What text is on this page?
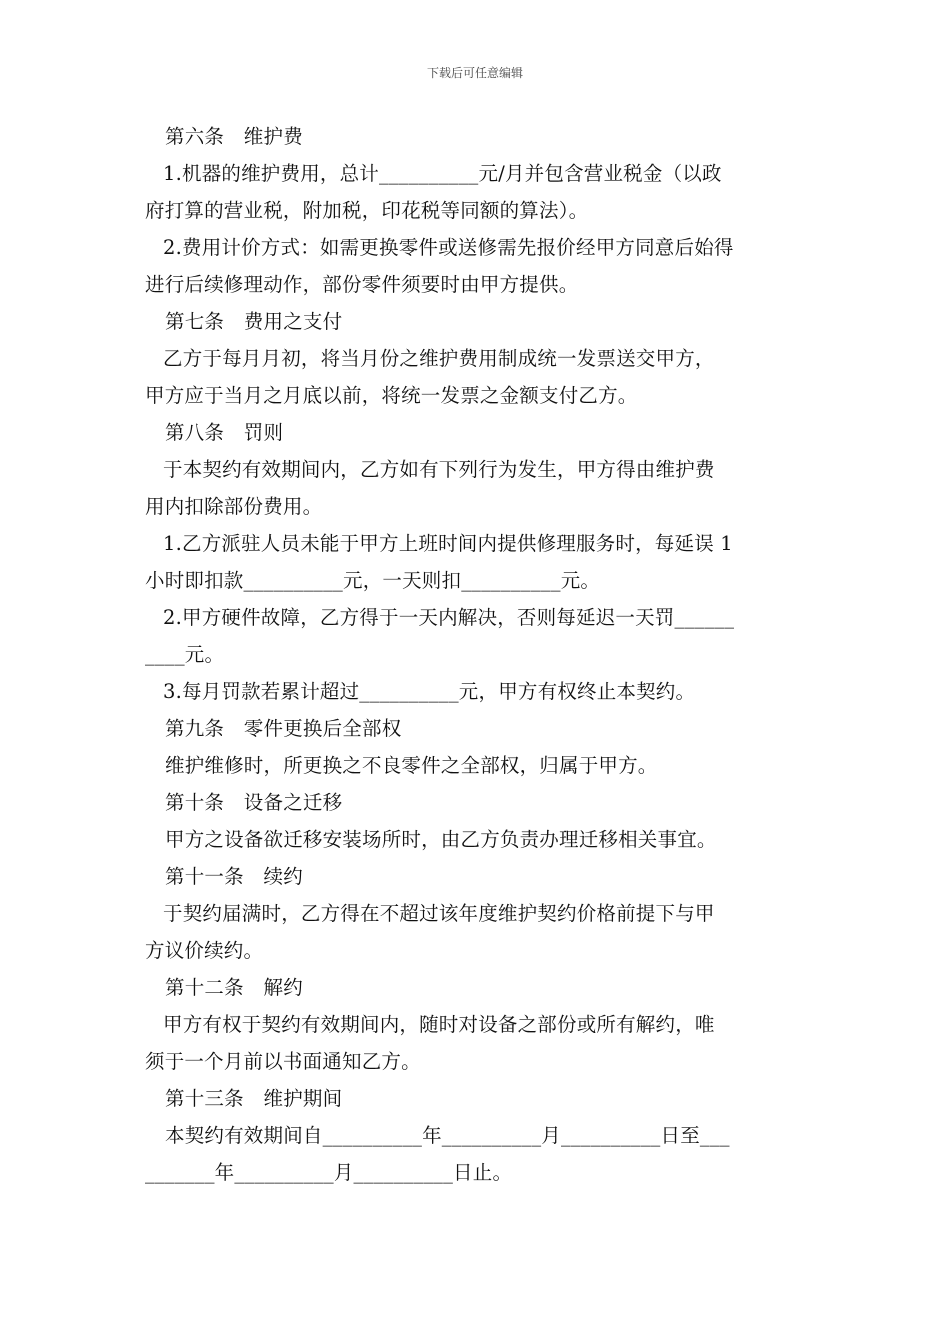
下载后可任意编辑
第六条　维护费
1.机器的维护费用，总计__________元/月并包含营业税金（以政
府打算的营业税，附加税，印花税等同额的算法）。
2.费用计价方式：如需更换零件或送修需先报价经甲方同意后始得
进行后续修理动作，部份零件须要时由甲方提供。
第七条　费用之支付
乙方于每月月初，将当月份之维护费用制成统一发票送交甲方，
甲方应于当月之月底以前，将统一发票之金额支付乙方。
第八条　罚则
于本契约有效期间内，乙方如有下列行为发生，甲方得由维护费
用内扣除部份费用。
1.乙方派驻人员未能于甲方上班时间内提供修理服务时，每延误 1
小时即扣款__________元，一天则扣__________元。
2.甲方硬件故障，乙方得于一天内解决，否则每延迟一天罚______
____元。
3.每月罚款若累计超过__________元，甲方有权终止本契约。
第九条　零件更换后全部权
维护维修时，所更换之不良零件之全部权，归属于甲方。
第十条　设备之迁移
甲方之设备欲迁移安装场所时，由乙方负责办理迁移相关事宜。
第十一条　续约
于契约届满时，乙方得在不超过该年度维护契约价格前提下与甲
方议价续约。
第十二条　解约
甲方有权于契约有效期间内，随时对设备之部份或所有解约，唯
须于一个月前以书面通知乙方。
第十三条　维护期间
本契约有效期间自__________年__________月__________日至___
_______年__________月__________日止。
